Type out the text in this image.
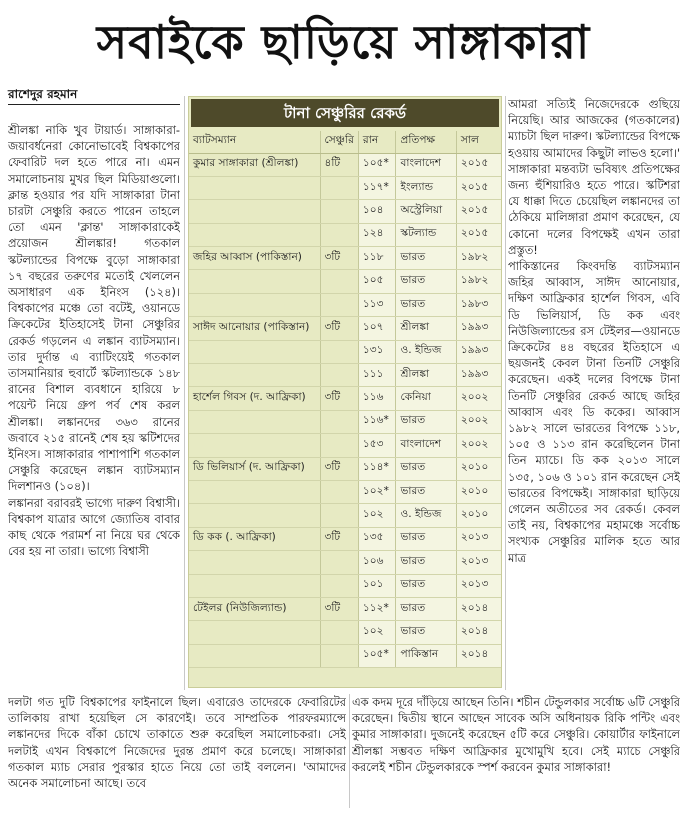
সবাইকে ছাড়িয়ে সাঙ্গাকারা
রাশেদুর রহমান

শ্রীলঙ্কা নাকি খুব টায়ার্ড। সাঙ্গাকারা-জয়াবর্ধনেরা কোনোভাবেই বিশ্বকাপের ফেবারিট দল হতে পারে না। এমন সমালোচনায় মুখর ছিল মিডিয়াগুলো। ক্লান্ত হওয়ার পর যদি সাঙ্গাকারা টানা চারটা সেঞ্চুরি করতে পারেন তাহলে তো এমন 'ক্লান্ত' সাঙ্গাকারাকেই প্রয়োজন শ্রীলঙ্কার! গতকাল স্কটল্যান্ডের বিপক্ষে বুড়ো সাঙ্গাকারা ১৭ বছরের তরুণের মতোই খেললেন অসাধারণ এক ইনিংস (১২৪)। বিশ্বকাপের মঞ্চে তো বটেই, ওয়ানডে ক্রিকেটের ইতিহাসেই টানা সেঞ্চুরির রেকর্ড গড়লেন এ লঙ্কান ব্যাটসম্যান। তার দুর্দান্ত এ ব্যাটিংয়েই গতকাল তাসমানিয়ার হুবার্টে স্কটল্যান্ডকে ১৪৮ রানের বিশাল ব্যবধানে হারিয়ে ৮ পয়েন্ট নিয়ে গ্রুপ পর্ব শেষ করল শ্রীলঙ্কা। লঙ্কানদের ৩৬৩ রানের জবাবে ২১৫ রানেই শেষ হয় স্কটিশদের ইনিংস। সাঙ্গাকারার পাশাপাশি গতকাল সেঞ্চুরি করেছেন লঙ্কান ব্যাটসম্যান দিলশানও (১০৪)।

লঙ্কানরা বরাবরই ভাগ্যে দারুণ বিশ্বাসী। বিশ্বকাপ যাত্রার আগে জ্যোতিষ বাবার কাছ থেকে পরামর্শ না নিয়ে ঘর থেকে বের হয় না তারা। ভাগ্যে বিশ্বাসী

টানা সেঞ্চুরির রেকর্ড
ব্যাটসম্যান	সেঞ্চুরি	রান	প্রতিপক্ষ	সাল
কুমার সাঙ্গাকারা (শ্রীলঙ্কা)	৪টি	১০৫*	বাংলাদেশ	২০১৫
		১১৭*	ইংল্যান্ড	২০১৫
		১০৪	অস্ট্রেলিয়া	২০১৫
		১২৪	স্কটল্যান্ড	২০১৫
জহির আব্বাস (পাকিস্তান)	৩টি	১১৮	ভারত	১৯৮২
		১০৫	ভারত	১৯৮২
		১১৩	ভারত	১৯৮৩
সাঈদ আনোয়ার (পাকিস্তান)	৩টি	১০৭	শ্রীলঙ্কা	১৯৯৩
		১৩১	ও. ইন্ডিজ	১৯৯৩
		১১১	শ্রীলঙ্কা	১৯৯৩
হার্শেল গিবস (দ. আফ্রিকা)	৩টি	১১৬	কেনিয়া	২০০২
		১১৬*	ভারত	২০০২
		১৫৩	বাংলাদেশ	২০০২
ডি ভিলিয়ার্স (দ. আফ্রিকা)	৩টি	১১৪*	ভারত	২০১০
		১০২*	ভারত	২০১০
		১০২	ও. ইন্ডিজ	২০১০
ডি কক (. আফ্রিকা)	৩টি	১৩৫	ভারত	২০১৩
		১০৬	ভারত	২০১৩
		১০১	ভারত	২০১৩
টেইলর (নিউজিল্যান্ড)	৩টি	১১২*	ভারত	২০১৪
		১০২	ভারত	২০১৪
		১০৫*	পাকিস্তান	২০১৪

আমরা সত্যিই নিজেদেরকে গুছিয়ে নিয়েছি। আর আজকের (গতকালের) ম্যাচটা ছিল দারুণ। স্কটল্যান্ডের বিপক্ষে হওয়ায় আমাদের কিছুটা লাভও হলো।' সাঙ্গাকারা মন্তব্যটা ভবিষ্যৎ প্রতিপক্ষের জন্য হুঁশিয়ারিও হতে পারে। স্কটিশরা যে ধাক্কা দিতে চেয়েছিল লঙ্কানদের তা ঠেকিয়ে মালিঙ্গারা প্রমাণ করেছেন, যে কোনো দলের বিপক্ষেই এখন তারা প্রস্তুত!

পাকিস্তানের কিংবদন্তি ব্যাটসম্যান জহির আব্বাস, সাঈদ আনোয়ার, দক্ষিণ আফ্রিকার হার্শেল গিবস, এবি ডি ভিলিয়ার্স, ডি কক এবং নিউজিল্যান্ডের রস টেইলর—ওয়ানডে ক্রিকেটের ৪৪ বছরের ইতিহাসে এ ছয়জনই কেবল টানা তিনটি সেঞ্চুরি করেছেন। একই দলের বিপক্ষে টানা তিনটি সেঞ্চুরির রেকর্ড আছে জহির আব্বাস এবং ডি ককের। আব্বাস ১৯৮২ সালে ভারতের বিপক্ষে ১১৮, ১০৫ ও ১১৩ রান করেছিলেন টানা তিন ম্যাচে। ডি কক ২০১৩ সালে ১৩৫, ১০৬ ও ১০১ রান করেছেন সেই ভারতের বিপক্ষেই। সাঙ্গাকারা ছাড়িয়ে গেলেন অতীতের সব রেকর্ড। কেবল তাই নয়, বিশ্বকাপের মহামঞ্চে সর্বোচ্চ সংখ্যক সেঞ্চুরির মালিক হতে আর মাত্র

দলটা গত দুটি বিশ্বকাপের ফাইনালে ছিল। এবারেও তাদেরকে ফেবারিটের তালিকায় রাখা হয়েছিল সে কারণেই। তবে সাম্প্রতিক পারফরম্যান্সে লঙ্কানদের দিকে বাঁকা চোখে তাকাতে শুরু করেছিল সমালোচকরা। সেই দলটাই এখন বিশ্বকাপে নিজেদের দুরন্ত প্রমাণ করে চলেছে। সাঙ্গাকারা গতকাল ম্যাচ সেরার পুরস্কার হাতে নিয়ে তো তাই বললেন। 'আমাদের অনেক সমালোচনা আছে। তবে

এক কদম দূরে দাঁড়িয়ে আছেন তিনি। শচীন টেন্ডুলকার সর্বোচ্চ ৬টি সেঞ্চুরি করেছেন। দ্বিতীয় স্থানে আছেন সাবেক অসি অধিনায়ক রিকি পন্টিং এবং কুমার সাঙ্গাকারা। দুজনেই করেছেন ৫টি করে সেঞ্চুরি। কোয়ার্টার ফাইনালে শ্রীলঙ্কা সম্ভবত দক্ষিণ আফ্রিকার মুখোমুখি হবে। সেই ম্যাচে সেঞ্চুরি করলেই শচীন টেন্ডুলকারকে স্পর্শ করবেন কুমার সাঙ্গাকারা!
